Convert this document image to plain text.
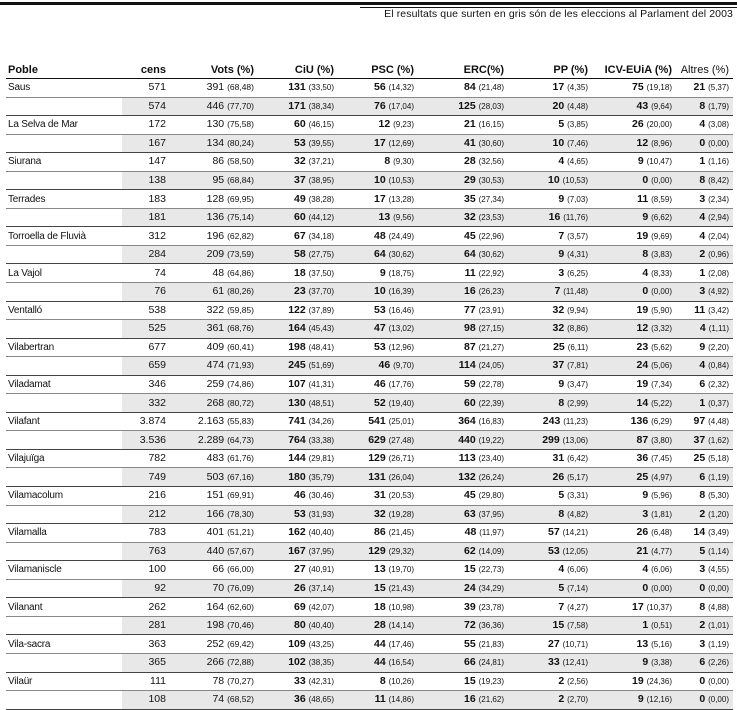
El resultats que surten en gris són de les eleccions al Parlament del 2003
Poble	cens	Vots (%)	CiU (%)	PSC (%)	ERC(%)	PP (%)	ICV-EUiA (%)	Altres (%)
Saus	571	391 (68,48)	131 (33,50)	56 (14,32)	84 (21,48)	17 (4,35)	75 (19,18)	21 (5,37)
	574	446 (77,70)	171 (38,34)	76 (17,04)	125 (28,03)	20 (4,48)	43 (9,64)	8 (1,79)
La Selva de Mar	172	130 (75,58)	60 (46,15)	12 (9,23)	21 (16,15)	5 (3,85)	26 (20,00)	4 (3,08)
	167	134 (80,24)	53 (39,55)	17 (12,69)	41 (30,60)	10 (7,46)	12 (8,96)	0 (0,00)
Siurana	147	86 (58,50)	32 (37,21)	8 (9,30)	28 (32,56)	4 (4,65)	9 (10,47)	1 (1,16)
	138	95 (68,84)	37 (38,95)	10 (10,53)	29 (30,53)	10 (10,53)	0 (0,00)	8 (8,42)
Terrades	183	128 (69,95)	49 (38,28)	17 (13,28)	35 (27,34)	9 (7,03)	11 (8,59)	3 (2,34)
	181	136 (75,14)	60 (44,12)	13 (9,56)	32 (23,53)	16 (11,76)	9 (6,62)	4 (2,94)
Torroella de Fluvià	312	196 (62,82)	67 (34,18)	48 (24,49)	45 (22,96)	7 (3,57)	19 (9,69)	4 (2,04)
	284	209 (73,59)	58 (27,75)	64 (30,62)	64 (30,62)	9 (4,31)	8 (3,83)	2 (0,96)
La Vajol	74	48 (64,86)	18 (37,50)	9 (18,75)	11 (22,92)	3 (6,25)	4 (8,33)	1 (2,08)
	76	61 (80,26)	23 (37,70)	10 (16,39)	16 (26,23)	7 (11,48)	0 (0,00)	3 (4,92)
Ventalló	538	322 (59,85)	122 (37,89)	53 (16,46)	77 (23,91)	32 (9,94)	19 (5,90)	11 (3,42)
	525	361 (68,76)	164 (45,43)	47 (13,02)	98 (27,15)	32 (8,86)	12 (3,32)	4 (1,11)
Vilabertran	677	409 (60,41)	198 (48,41)	53 (12,96)	87 (21,27)	25 (6,11)	23 (5,62)	9 (2,20)
	659	474 (71,93)	245 (51,69)	46 (9,70)	114 (24,05)	37 (7,81)	24 (5,06)	4 (0,84)
Viladamat	346	259 (74,86)	107 (41,31)	46 (17,76)	59 (22,78)	9 (3,47)	19 (7,34)	6 (2,32)
	332	268 (80,72)	130 (48,51)	52 (19,40)	60 (22,39)	8 (2,99)	14 (5,22)	1 (0,37)
Vilafant	3.874	2.163 (55,83)	741 (34,26)	541 (25,01)	364 (16,83)	243 (11,23)	136 (6,29)	97 (4,48)
	3.536	2.289 (64,73)	764 (33,38)	629 (27,48)	440 (19,22)	299 (13,06)	87 (3,80)	37 (1,62)
Vilajuïga	782	483 (61,76)	144 (29,81)	129 (26,71)	113 (23,40)	31 (6,42)	36 (7,45)	25 (5,18)
	749	503 (67,16)	180 (35,79)	131 (26,04)	132 (26,24)	26 (5,17)	25 (4,97)	6 (1,19)
Vilamacolum	216	151 (69,91)	46 (30,46)	31 (20,53)	45 (29,80)	5 (3,31)	9 (5,96)	8 (5,30)
	212	166 (78,30)	53 (31,93)	32 (19,28)	63 (37,95)	8 (4,82)	3 (1,81)	2 (1,20)
Vilamalla	783	401 (51,21)	162 (40,40)	86 (21,45)	48 (11,97)	57 (14,21)	26 (6,48)	14 (3,49)
	763	440 (57,67)	167 (37,95)	129 (29,32)	62 (14,09)	53 (12,05)	21 (4,77)	5 (1,14)
Vilamaniscle	100	66 (66,00)	27 (40,91)	13 (19,70)	15 (22,73)	4 (6,06)	4 (6,06)	3 (4,55)
	92	70 (76,09)	26 (37,14)	15 (21,43)	24 (34,29)	5 (7,14)	0 (0,00)	0 (0,00)
Vilanant	262	164 (62,60)	69 (42,07)	18 (10,98)	39 (23,78)	7 (4,27)	17 (10,37)	8 (4,88)
	281	198 (70,46)	80 (40,40)	28 (14,14)	72 (36,36)	15 (7,58)	1 (0,51)	2 (1,01)
Vila-sacra	363	252 (69,42)	109 (43,25)	44 (17,46)	55 (21,83)	27 (10,71)	13 (5,16)	3 (1,19)
	365	266 (72,88)	102 (38,35)	44 (16,54)	66 (24,81)	33 (12,41)	9 (3,38)	6 (2,26)
Vilaür	111	78 (70,27)	33 (42,31)	8 (10,26)	15 (19,23)	2 (2,56)	19 (24,36)	0 (0,00)
	108	74 (68,52)	36 (48,65)	11 (14,86)	16 (21,62)	2 (2,70)	9 (12,16)	0 (0,00)
